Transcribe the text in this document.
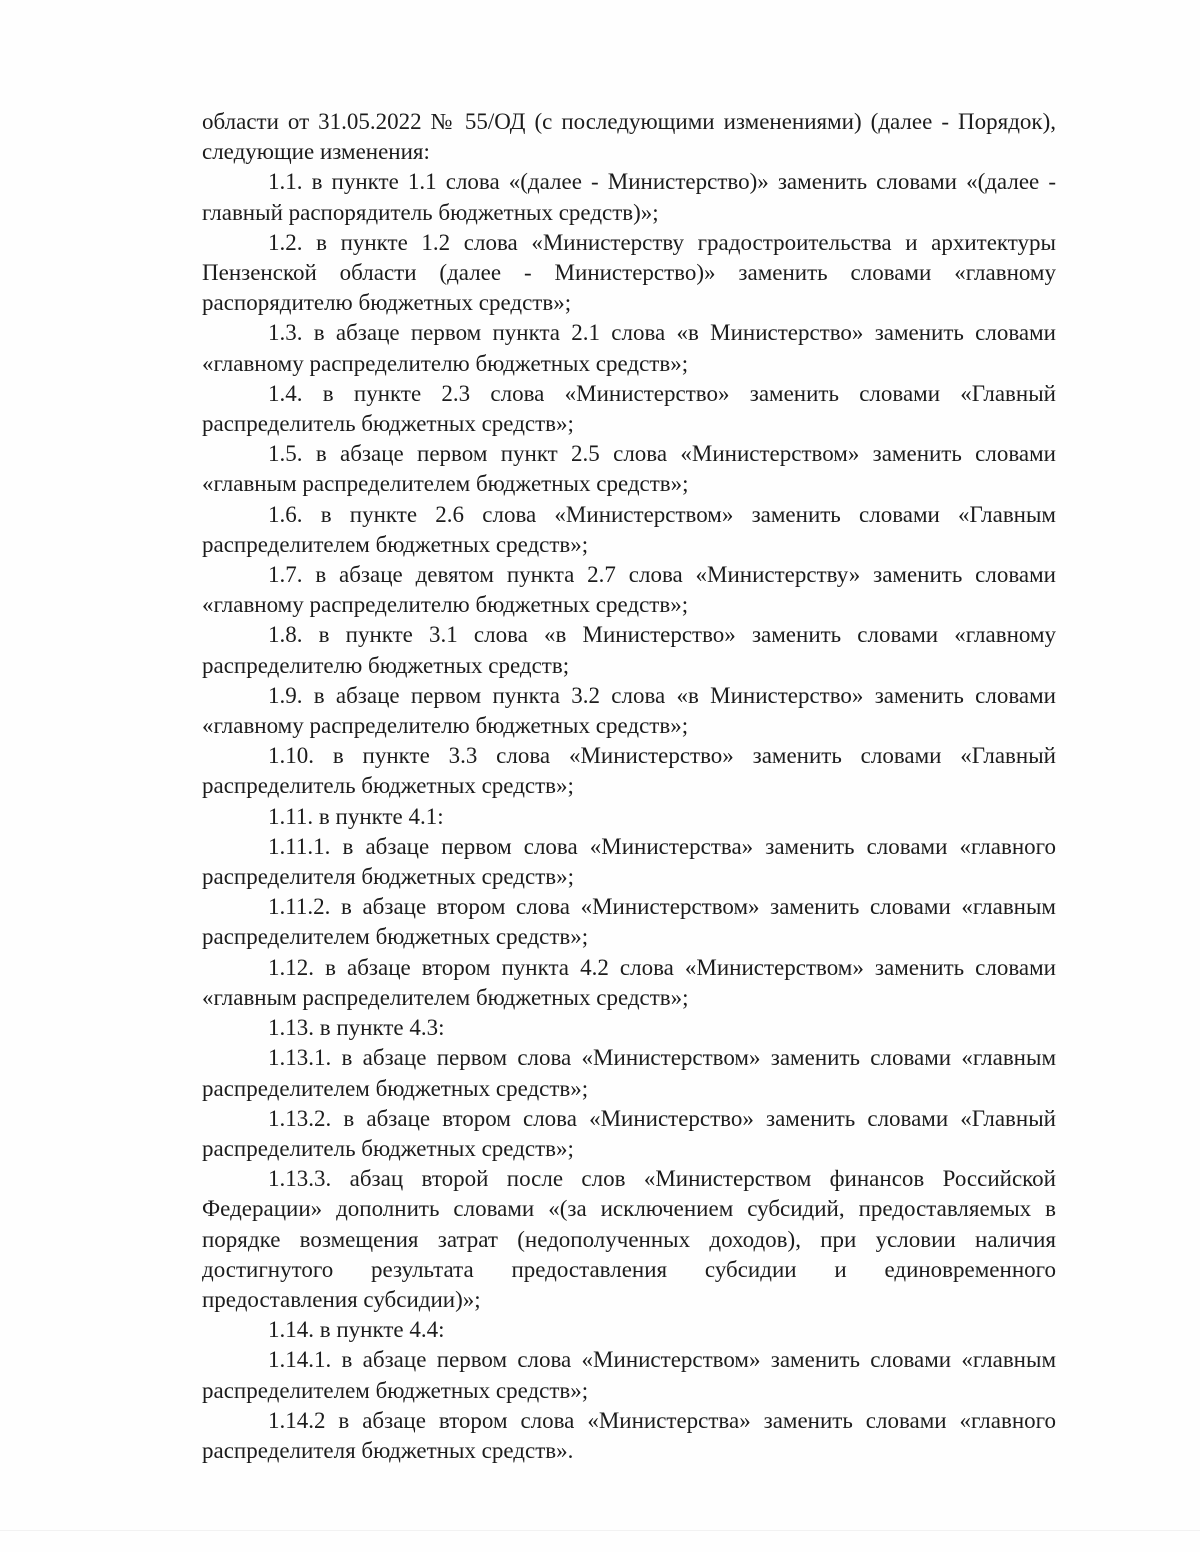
области от 31.05.2022 № 55/ОД (с последующими изменениями) (далее - Порядок), следующие изменения:

1.1. в пункте 1.1 слова «(далее - Министерство)» заменить словами «(далее - главный распорядитель бюджетных средств)»;

1.2. в пункте 1.2 слова «Министерству градостроительства и архитектуры Пензенской области (далее - Министерство)» заменить словами «главному распорядителю бюджетных средств»;

1.3. в абзаце первом пункта 2.1 слова «в Министерство» заменить словами «главному распределителю бюджетных средств»;

1.4. в пункте 2.3 слова «Министерство» заменить словами «Главный распределитель бюджетных средств»;

1.5. в абзаце первом пункт 2.5 слова «Министерством» заменить словами «главным распределителем бюджетных средств»;

1.6. в пункте 2.6 слова «Министерством» заменить словами «Главным распределителем бюджетных средств»;

1.7. в абзаце девятом пункта 2.7 слова «Министерству» заменить словами «главному распределителю бюджетных средств»;

1.8. в пункте 3.1 слова «в Министерство» заменить словами «главному распределителю бюджетных средств;

1.9. в абзаце первом пункта 3.2 слова «в Министерство» заменить словами «главному распределителю бюджетных средств»;

1.10. в пункте 3.3 слова «Министерство» заменить словами «Главный распределитель бюджетных средств»;

1.11. в пункте 4.1:

1.11.1. в абзаце первом слова «Министерства» заменить словами «главного распределителя бюджетных средств»;

1.11.2. в абзаце втором слова «Министерством» заменить словами «главным распределителем бюджетных средств»;

1.12. в абзаце втором пункта 4.2 слова «Министерством» заменить словами «главным распределителем бюджетных средств»;

1.13. в пункте 4.3:

1.13.1. в абзаце первом слова «Министерством» заменить словами «главным распределителем бюджетных средств»;

1.13.2. в абзаце втором слова «Министерство» заменить словами «Главный распределитель бюджетных средств»;

1.13.3. абзац второй после слов «Министерством финансов Российской Федерации» дополнить словами «(за исключением субсидий, предоставляемых в порядке возмещения затрат (недополученных доходов), при условии наличия достигнутого результата предоставления субсидии и единовременного предоставления субсидии)»;

1.14. в пункте 4.4:

1.14.1. в абзаце первом слова «Министерством» заменить словами «главным распределителем бюджетных средств»;

1.14.2 в абзаце втором слова «Министерства» заменить словами «главного распределителя бюджетных средств».
